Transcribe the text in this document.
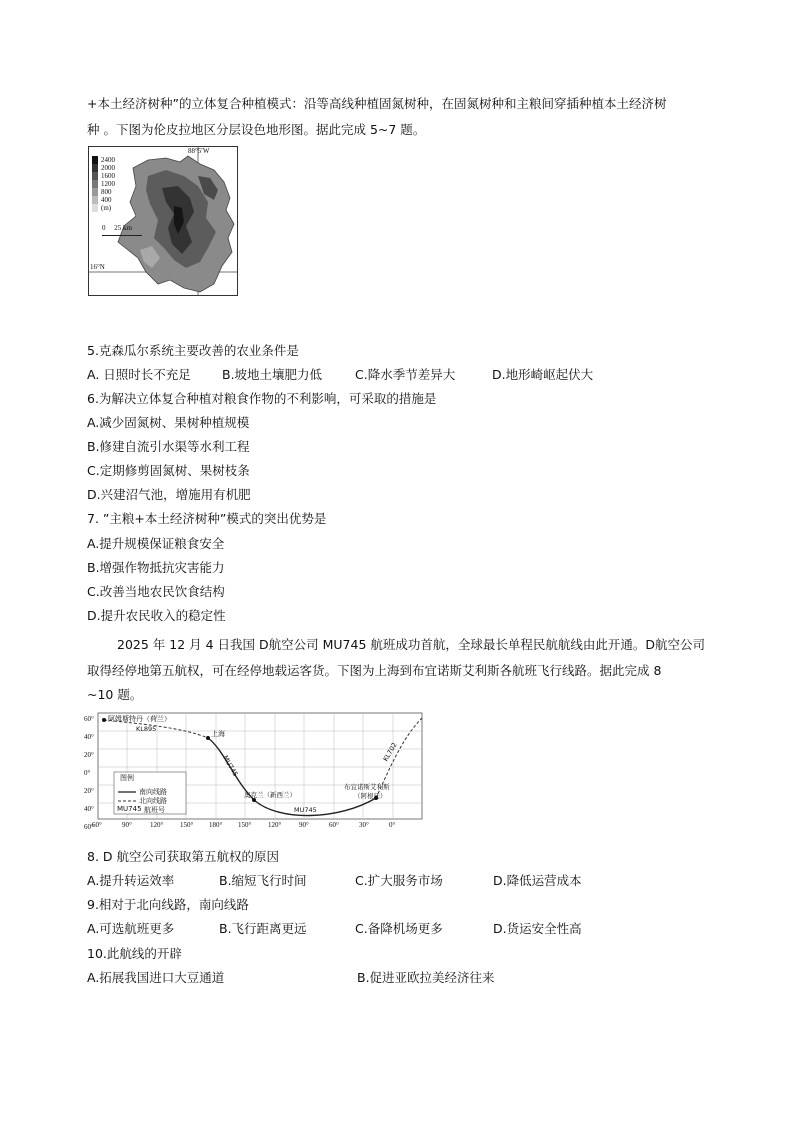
+本土经济树种”的立体复合种植模式：沿等高线种植固氮树种，在固氮树种和主粮间穿插种植本土经济树
种 。下图为伦皮拉地区分层设色地形图。据此完成 5~7 题。
2400
2000
1600
1200
800
400
(m)
0     25 km
88°5′W
16°N
5.克森瓜尔系统主要改善的农业条件是
A. 日照时长不充足 B.坡地土壤肥力低	C.降水季节差异大	D.地形崎岖起伏大
6.为解决立体复合种植对粮食作物的不利影响，可采取的措施是
A.减少固氮树、果树种植规模
B.修建自流引水渠等水利工程
C.定期修剪固氮树、果树枝条
D.兴建沼气池，增施用有机肥
7. ”主粮+本土经济树种”模式的突出优势是
A.提升规模保证粮食安全
B.增强作物抵抗灾害能力
C.改善当地农民饮食结构
D.提升农民收入的稳定性
2025 年 12 月 4 日我国 D航空公司 MU745 航班成功首航，全球最长单程民航航线由此开通。D航空公司
取得经停地第五航权，可在经停地载运客货。下图为上海到布宜诺斯艾利斯各航班飞行线路。据此完成 8
~10 题。
60°
40°
20°
0°
20°
40°
60°
60°	90°	120° 150° 180° 150° 120°	90°	60°	30°	0°
阿姆斯特丹（荷兰）
上海
奥克兰（新西兰）
布宜诺斯艾利斯
（阿根廷）
KL895
MU745
MU745
KL702
图例
南向线路
北向线路
MU745 航班号
8. D 航空公司获取第五航权的原因
A.提升转运效率	B.缩短飞行时间	C.扩大服务市场	D.降低运营成本
9.相对于北向线路，南向线路
A.可选航班更多	B.飞行距离更远	C.备降机场更多	D.货运安全性高
10.此航线的开辟
A.拓展我国进口大豆通道	B.促进亚欧拉美经济往来
